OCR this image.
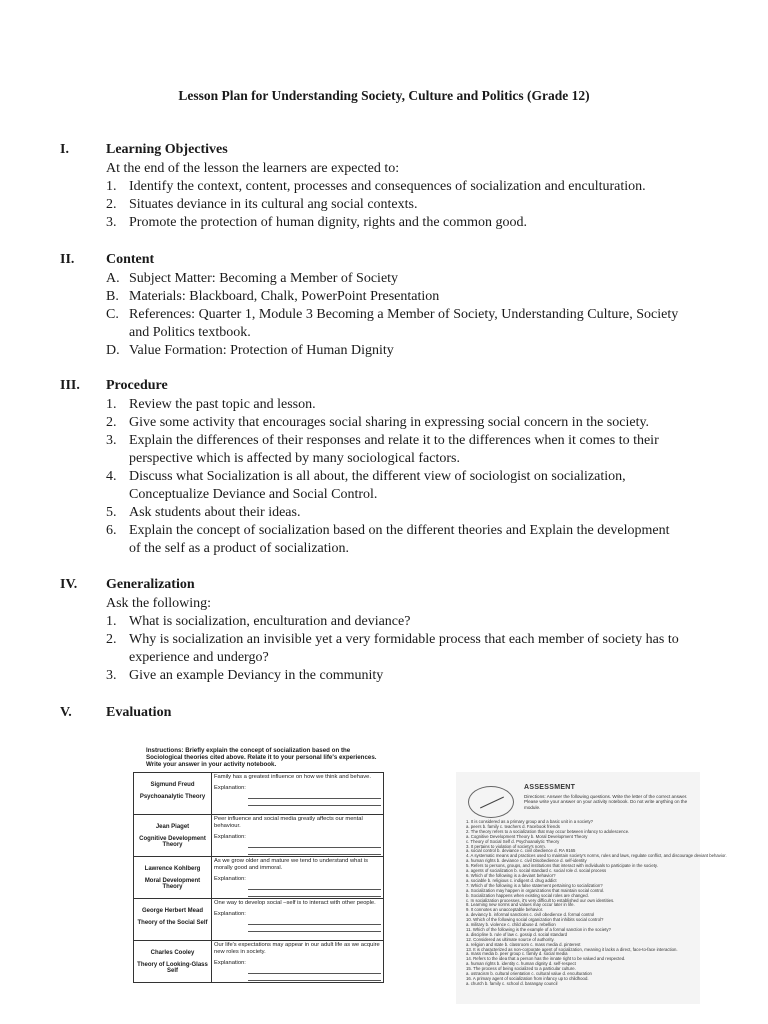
Lesson Plan for Understanding Society, Culture and Politics (Grade 12)
I.	Learning Objectives
At the end of the lesson the learners are expected to:
1. Identify the context, content, processes and consequences of socialization and enculturation.
2. Situates deviance in its cultural ang social contexts.
3. Promote the protection of human dignity, rights and the common good.
II. Content
A. Subject Matter: Becoming a Member of Society
B. Materials: Blackboard, Chalk, PowerPoint Presentation
C. References: Quarter 1, Module 3 Becoming a Member of Society, Understanding Culture, Society
and Politics textbook.
D. Value Formation: Protection of Human Dignity
III. Procedure
1. Review the past topic and lesson.
2. Give some activity that encourages social sharing in expressing social concern in the society.
3. Explain the differences of their responses and relate it to the differences when it comes to their
perspective which is affected by many sociological factors.
4. Discuss what Socialization is all about, the different view of sociologist on socialization,
Conceptualize Deviance and Social Control.
5. Ask students about their ideas.
6. Explain the concept of socialization based on the different theories and Explain the development
of the self as a product of socialization.
IV. Generalization
Ask the following:
1. What is socialization, enculturation and deviance?
2. Why is socialization an invisible yet a very formidable process that each member of society has to
experience and undergo?
3. Give an example Deviancy in the community
V. Evaluation
Instructions: Briefly explain the concept of socialization based on the Sociological theories cited above. Relate it to your personal life's experiences. Write your answer in your activity notebook.
Sigmund Freud
Psychoanalytic Theory	Family has a greatest influence on how we think and behave.
Explanation:

Jean Piaget
Cognitive Development Theory	Peer influence and social media greatly affects our mental behaviour.
Explanation:

Lawrence Kohlberg
Moral Development Theory	As we grow older and mature we tend to understand what is morally good and immoral.
Explanation:

George Herbert Mead
Theory of the Social Self	One way to develop social –self is to interact with other people.
Explanation:

Charles Cooley
Theory of Looking-Glass Self	Our life's expectations may appear in our adult life as we acquire new roles in society.
Explanation:
ASSESSMENT
Directions: Answer the following questions. Write the letter of the correct answer. Please write your answer on your activity notebook. Do not write anything on the module.
1. It is considered as a primary group and a basic unit in a society?
a. peers b. family c. teachers d. Facebook friends
2. The theory refers to a socialization that may occur between infancy to adolescence.
a. Cognitive Development Theory b. Moral Development Theory
c. Theory of Social Self d. Psychoanalytic Theory
3. It pertains to violation of society's norm.
a. social control b. deviance c. civil obedience d. RA 9165
4. A systematic means and practices used to maintain society's norms, rules and laws, regulate conflict, and discourage deviant behavior.
a. human rights b. deviance c. civil Disobedience d. self-identity
5. Refers to persons, groups, and institutions that interact with individuals to participate in the society.
a. agents of socialization b. social standard c. social role d. social process
6. Which of the following is a deviant behavior?
a. sociable b. religious c. indigent d. drug addict
7. Which of the following is a false statement pertaining to socialization?
a. Socialization may happen in organizations that maintain social control.
b. Socialization happens when existing social roles are changed.
c. In socialization processes, it's very difficult to established our own identities.
8. Learning new norms and values may occur later in life.
9. It connotes an unacceptable behavior.
a. deviancy b. informal sanctions c. civil obedience d. formal control
10. Which of the following social organization that inhibits social control?
a. military b. violence c. child abuse d. rebellion
11. Which of the following is the example of a formal sanction in the society?
a. discipline b. rule of law c. gossip d. social standard
12. Considered as ultimate source of authority.
a. religion and state b. classroom c. mass media d. pinterest
13. It is characterized as non-corporate agent of socialization, meaning it lacks a direct, face-to-face interaction.
a. mass media b. peer group c. family d. social media
14. Refers to the idea that a person has the innate right to be valued and respected.
a. human rights b. identity c. human dignity d. self-respect
15. The process of being socialized to a particular culture.
a. ostracism b. cultural orientation c. cultural value d. enculturation
16. A primary agent of socialization from infancy up to childhood.
a. church b. family c. school d. barangay council
